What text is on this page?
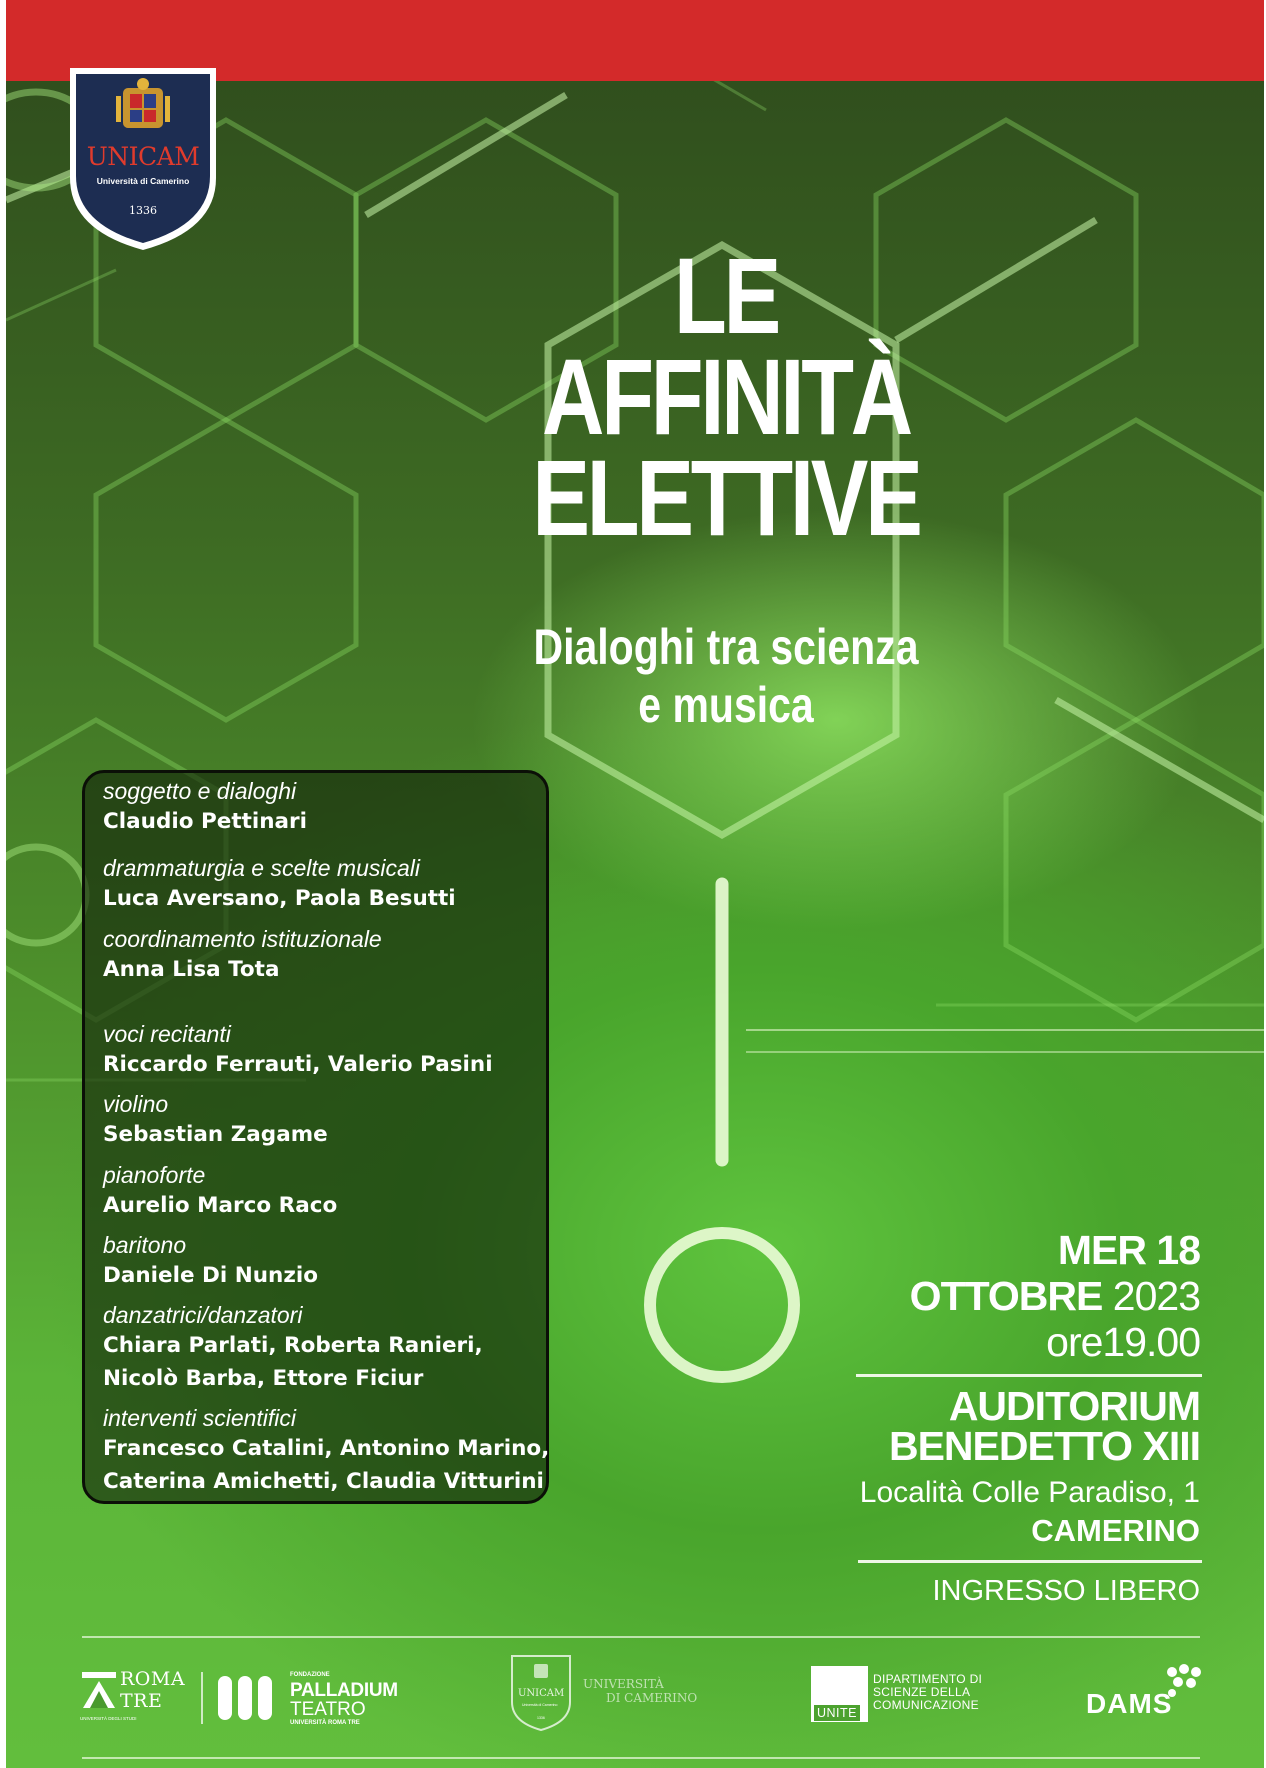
UNICAM
Università di Camerino
1336
LE
AFFINITÀ
ELETTIVE
Dialoghi tra scienza
e musica
soggetto e dialoghi
Claudio Pettinari
drammaturgia e scelte musicali
Luca Aversano, Paola Besutti
coordinamento istituzionale
Anna Lisa Tota
voci recitanti
Riccardo Ferrauti, Valerio Pasini
violino
Sebastian Zagame
pianoforte
Aurelio Marco Raco
baritono
Daniele Di Nunzio
danzatrici/danzatori
Chiara Parlati, Roberta Ranieri,
Nicolò Barba, Ettore Ficiur
interventi scientifici
Francesco Catalini, Antonino Marino,
Caterina Amichetti, Claudia Vitturini
MER 18
OTTOBRE 2023
ore19.00
AUDITORIUM
BENEDETTO XIII
Località Colle Paradiso, 1
CAMERINO
INGRESSO LIBERO
ROMA
TRE
UNIVERSITÀ DEGLI STUDI
FONDAZIONE
PALLADIUM
TEATRO
UNIVERSITÀ ROMA TRE
UNICAM
Università di Camerino
1336
UNIVERSITÀ
DI CAMERINO
UNITE
DIPARTIMENTO DI
SCIENZE DELLA
COMUNICAZIONE	DAMS
